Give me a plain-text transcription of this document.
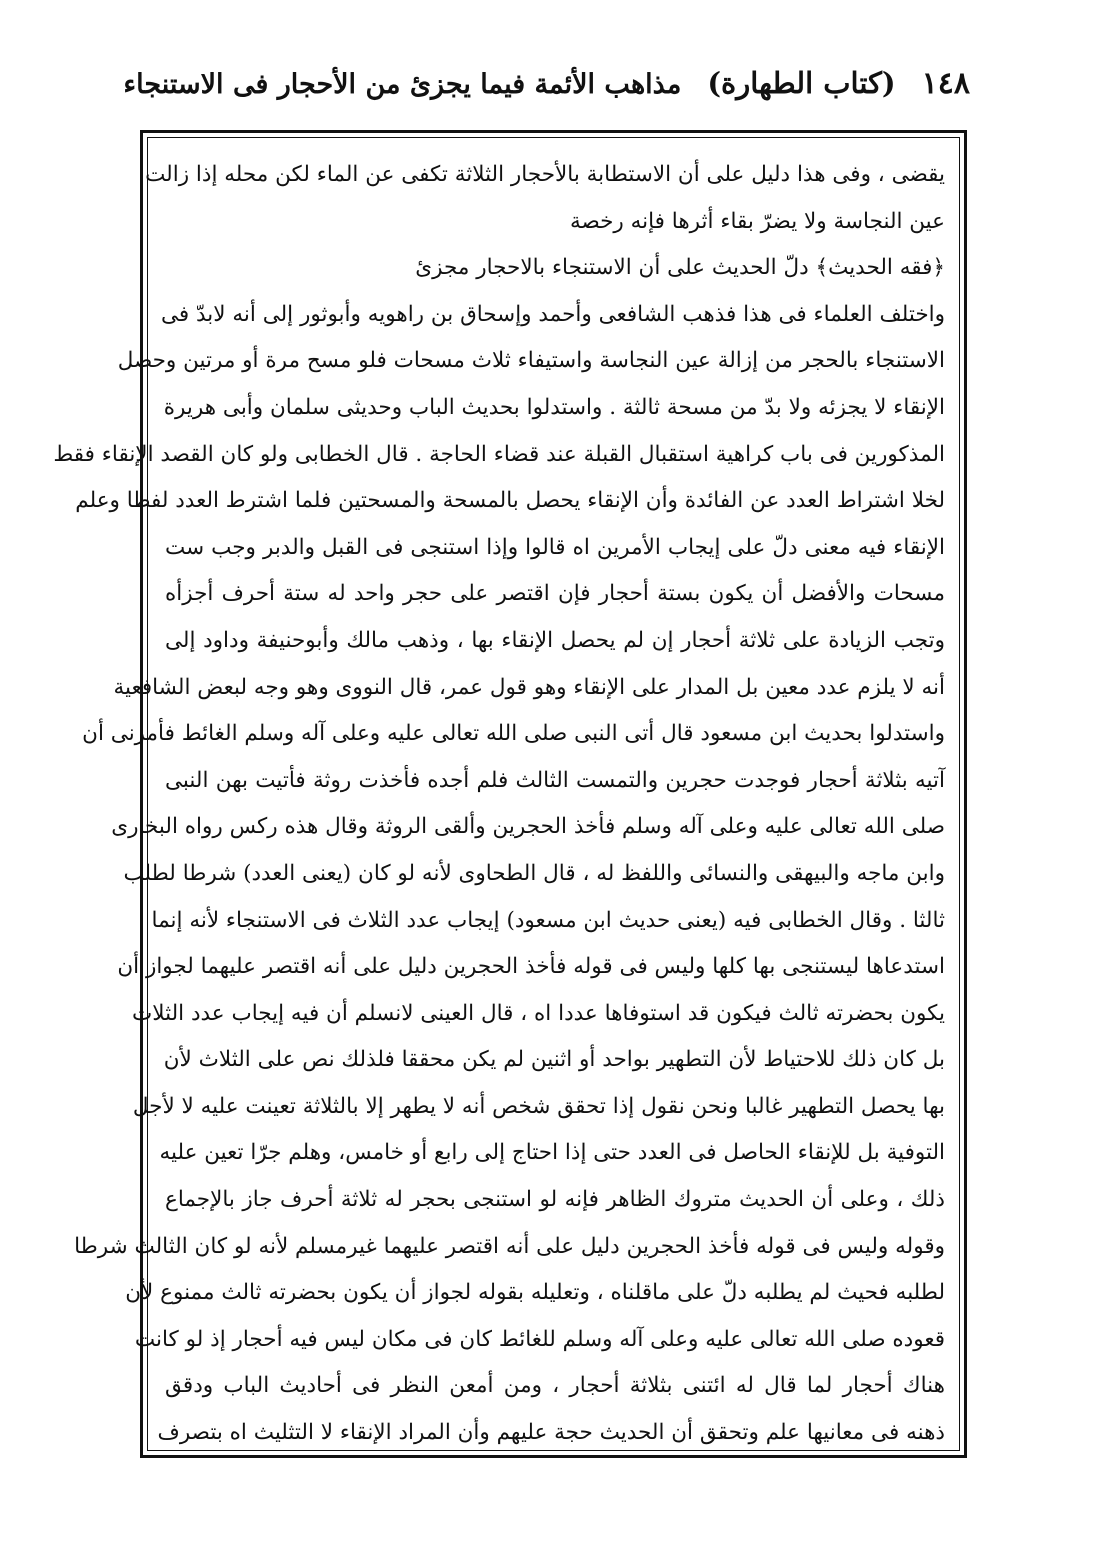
١٤٨
(كتاب الطهارة)
مذاهب الأئمة فيما يجزئ من الأحجار فى الاستنجاء
يقضى ، وفى هذا دليل على أن الاستطابة بالأحجار الثلاثة تكفى عن الماء لكن محله إذا زالت
عين النجاسة ولا يضرّ بقاء أثرها فإنه رخصة
﴿فقه الحديث﴾ دلّ الحديث على أن الاستنجاء بالاحجار مجزئ
واختلف العلماء فى هذا فذهب الشافعى وأحمد وإسحاق بن راهويه وأبوثور إلى أنه لابدّ فى
الاستنجاء بالحجر من إزالة عين النجاسة واستيفاء ثلاث مسحات فلو مسح مرة أو مرتين وحصل
الإنقاء لا يجزئه ولا بدّ من مسحة ثالثة . واستدلوا بحديث الباب وحديثى سلمان وأبى هريرة
المذكورين فى باب كراهية استقبال القبلة عند قضاء الحاجة . قال الخطابى ولو كان القصد الإنقاء فقط
لخلا اشتراط العدد عن الفائدة وأن الإنقاء يحصل بالمسحة والمسحتين فلما اشترط العدد لفظا وعلم
الإنقاء فيه معنى دلّ على إيجاب الأمرين اه قالوا وإذا استنجى فى القبل والدبر وجب ست
مسحات والأفضل أن يكون بستة أحجار فإن اقتصر على حجر واحد له ستة أحرف أجزأه
وتجب الزيادة على ثلاثة أحجار إن لم يحصل الإنقاء بها ، وذهب مالك وأبوحنيفة وداود إلى
أنه لا يلزم عدد معين بل المدار على الإنقاء وهو قول عمر، قال النووى وهو وجه لبعض الشافعية
واستدلوا بحديث ابن مسعود قال أتى النبى صلى الله تعالى عليه وعلى آله وسلم الغائط فأمرنى أن
آتيه بثلاثة أحجار فوجدت حجرين والتمست الثالث فلم أجده فأخذت روثة فأتيت بهن النبى
صلى الله تعالى عليه وعلى آله وسلم فأخذ الحجرين وألقى الروثة وقال هذه ركس رواه البخارى
وابن ماجه والبيهقى والنسائى واللفظ له ، قال الطحاوى لأنه لو كان (يعنى العدد) شرطا لطلب
ثالثا . وقال الخطابى فيه (يعنى حديث ابن مسعود) إيجاب عدد الثلاث فى الاستنجاء لأنه إنما
استدعاها ليستنجى بها كلها وليس فى قوله فأخذ الحجرين دليل على أنه اقتصر عليهما لجواز أن
يكون بحضرته ثالث فيكون قد استوفاها عددا اه ، قال العينى لانسلم أن فيه إيجاب عدد الثلاث
بل كان ذلك للاحتياط لأن التطهير بواحد أو اثنين لم يكن محققا فلذلك نص على الثلاث لأن
بها يحصل التطهير غالبا ونحن نقول إذا تحقق شخص أنه لا يطهر إلا بالثلاثة تعينت عليه لا لأجل
التوفية بل للإنقاء الحاصل فى العدد حتى إذا احتاج إلى رابع أو خامس، وهلم جرّا تعين عليه
ذلك ، وعلى أن الحديث متروك الظاهر فإنه لو استنجى بحجر له ثلاثة أحرف جاز بالإجماع
وقوله وليس فى قوله فأخذ الحجرين دليل على أنه اقتصر عليهما غيرمسلم لأنه لو كان الثالث شرطا
لطلبه فحيث لم يطلبه دلّ على ماقلناه ، وتعليله بقوله لجواز أن يكون بحضرته ثالث ممنوع لأن
قعوده صلى الله تعالى عليه وعلى آله وسلم للغائط كان فى مكان ليس فيه أحجار إذ لو كانت
هناك أحجار لما قال له ائتنى بثلاثة أحجار ، ومن أمعن النظر فى أحاديث الباب ودقق
ذهنه فى معانيها علم وتحقق أن الحديث حجة عليهم وأن المراد الإنقاء لا التثليث اه بتصرف
